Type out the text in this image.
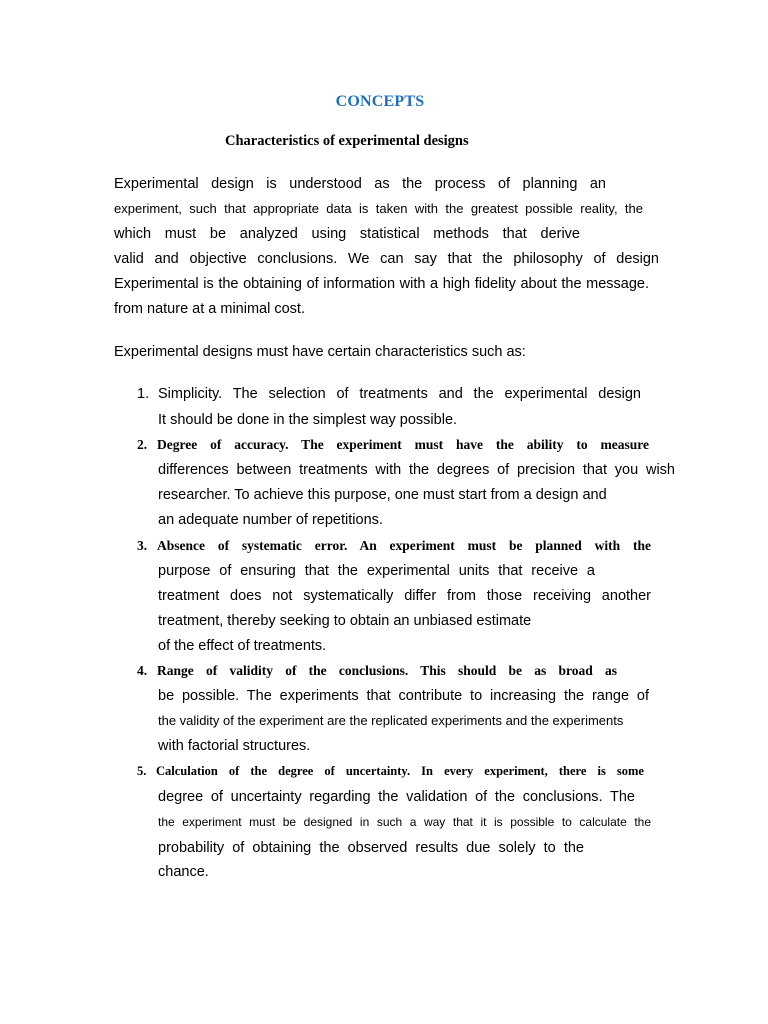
CONCEPTS
Characteristics of experimental designs
Experimental design is understood as the process of planning an
experiment, such that appropriate data is taken with the greatest possible reality, the
which must be analyzed using statistical methods that derive
valid and objective conclusions. We can say that the philosophy of design
Experimental is the obtaining of information with a high fidelity about the message.
from nature at a minimal cost.
Experimental designs must have certain characteristics such as:
1. Simplicity. The selection of treatments and the experimental design
It should be done in the simplest way possible.
2. Degree of accuracy. The experiment must have the ability to measure
differences between treatments with the degrees of precision that you wish
researcher. To achieve this purpose, one must start from a design and
an adequate number of repetitions.
3. Absence of systematic error. An experiment must be planned with the
purpose of ensuring that the experimental units that receive a
treatment does not systematically differ from those receiving another
treatment, thereby seeking to obtain an unbiased estimate
of the effect of treatments.
4. Range of validity of the conclusions. This should be as broad as
be possible. The experiments that contribute to increasing the range of
the validity of the experiment are the replicated experiments and the experiments
with factorial structures.
5. Calculation of the degree of uncertainty. In every experiment, there is some
degree of uncertainty regarding the validation of the conclusions. The
the experiment must be designed in such a way that it is possible to calculate the
probability of obtaining the observed results due solely to the
chance.
